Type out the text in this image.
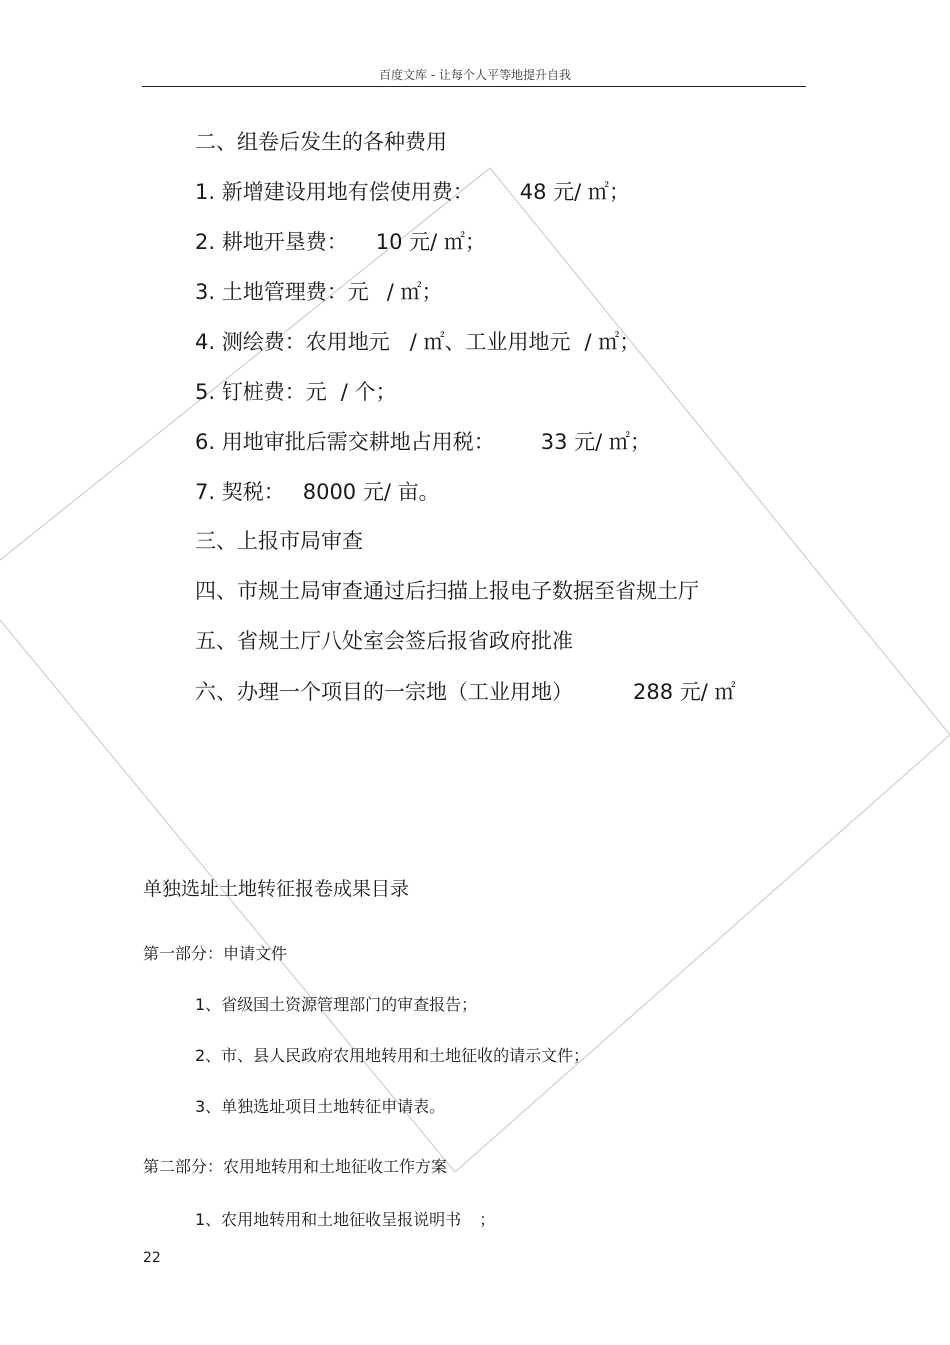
百度文库 - 让每个人平等地提升自我
二、组卷后发生的各种费用
1. 新增建设用地有偿使用费： 48 元/ ㎡；
2. 耕地开垦费： 10 元/ ㎡；
3. 土地管理费：元 / ㎡；
4. 测绘费：农用地元 / ㎡、工业用地元 / ㎡；
5. 钉桩费：元 / 个；
6. 用地审批后需交耕地占用税： 33 元/ ㎡；
7. 契税： 8000 元/ 亩。
三、上报市局审查
四、市规土局审查通过后扫描上报电子数据至省规土厅
五、省规土厅八处室会签后报省政府批准
六、办理一个项目的一宗地（工业用地）	288 元/ ㎡
单独选址土地转征报卷成果目录
第一部分：申请文件
1、省级国土资源管理部门的审查报告；
2、市、县人民政府农用地转用和土地征收的请示文件；
3、单独选址项目土地转征申请表。
第二部分：农用地转用和土地征收工作方案
1、农用地转用和土地征收呈报说明书 ；
22
